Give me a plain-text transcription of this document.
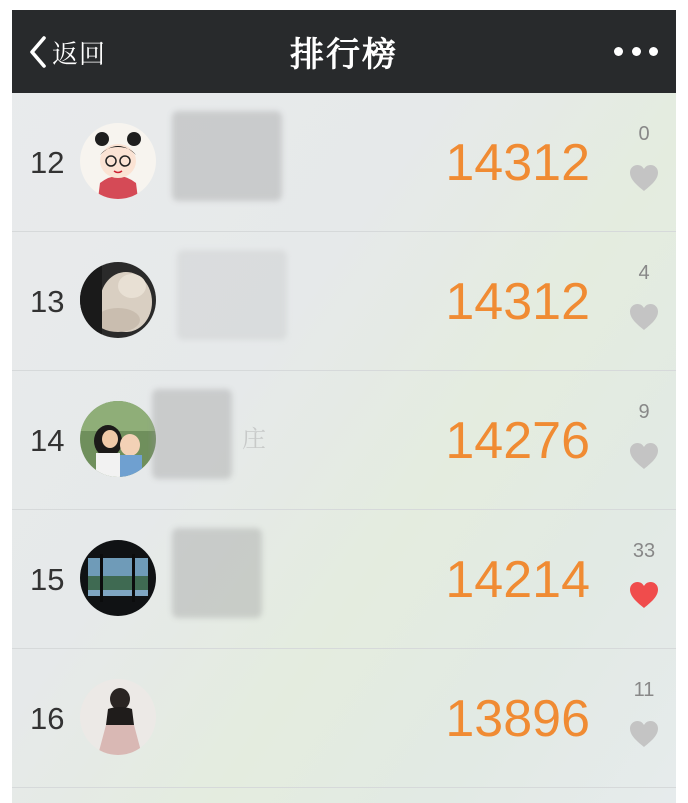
返回	排行榜
12	14312	0
13	14312	4
14	庄	14276	9
15	14214	33
16	13896	11
